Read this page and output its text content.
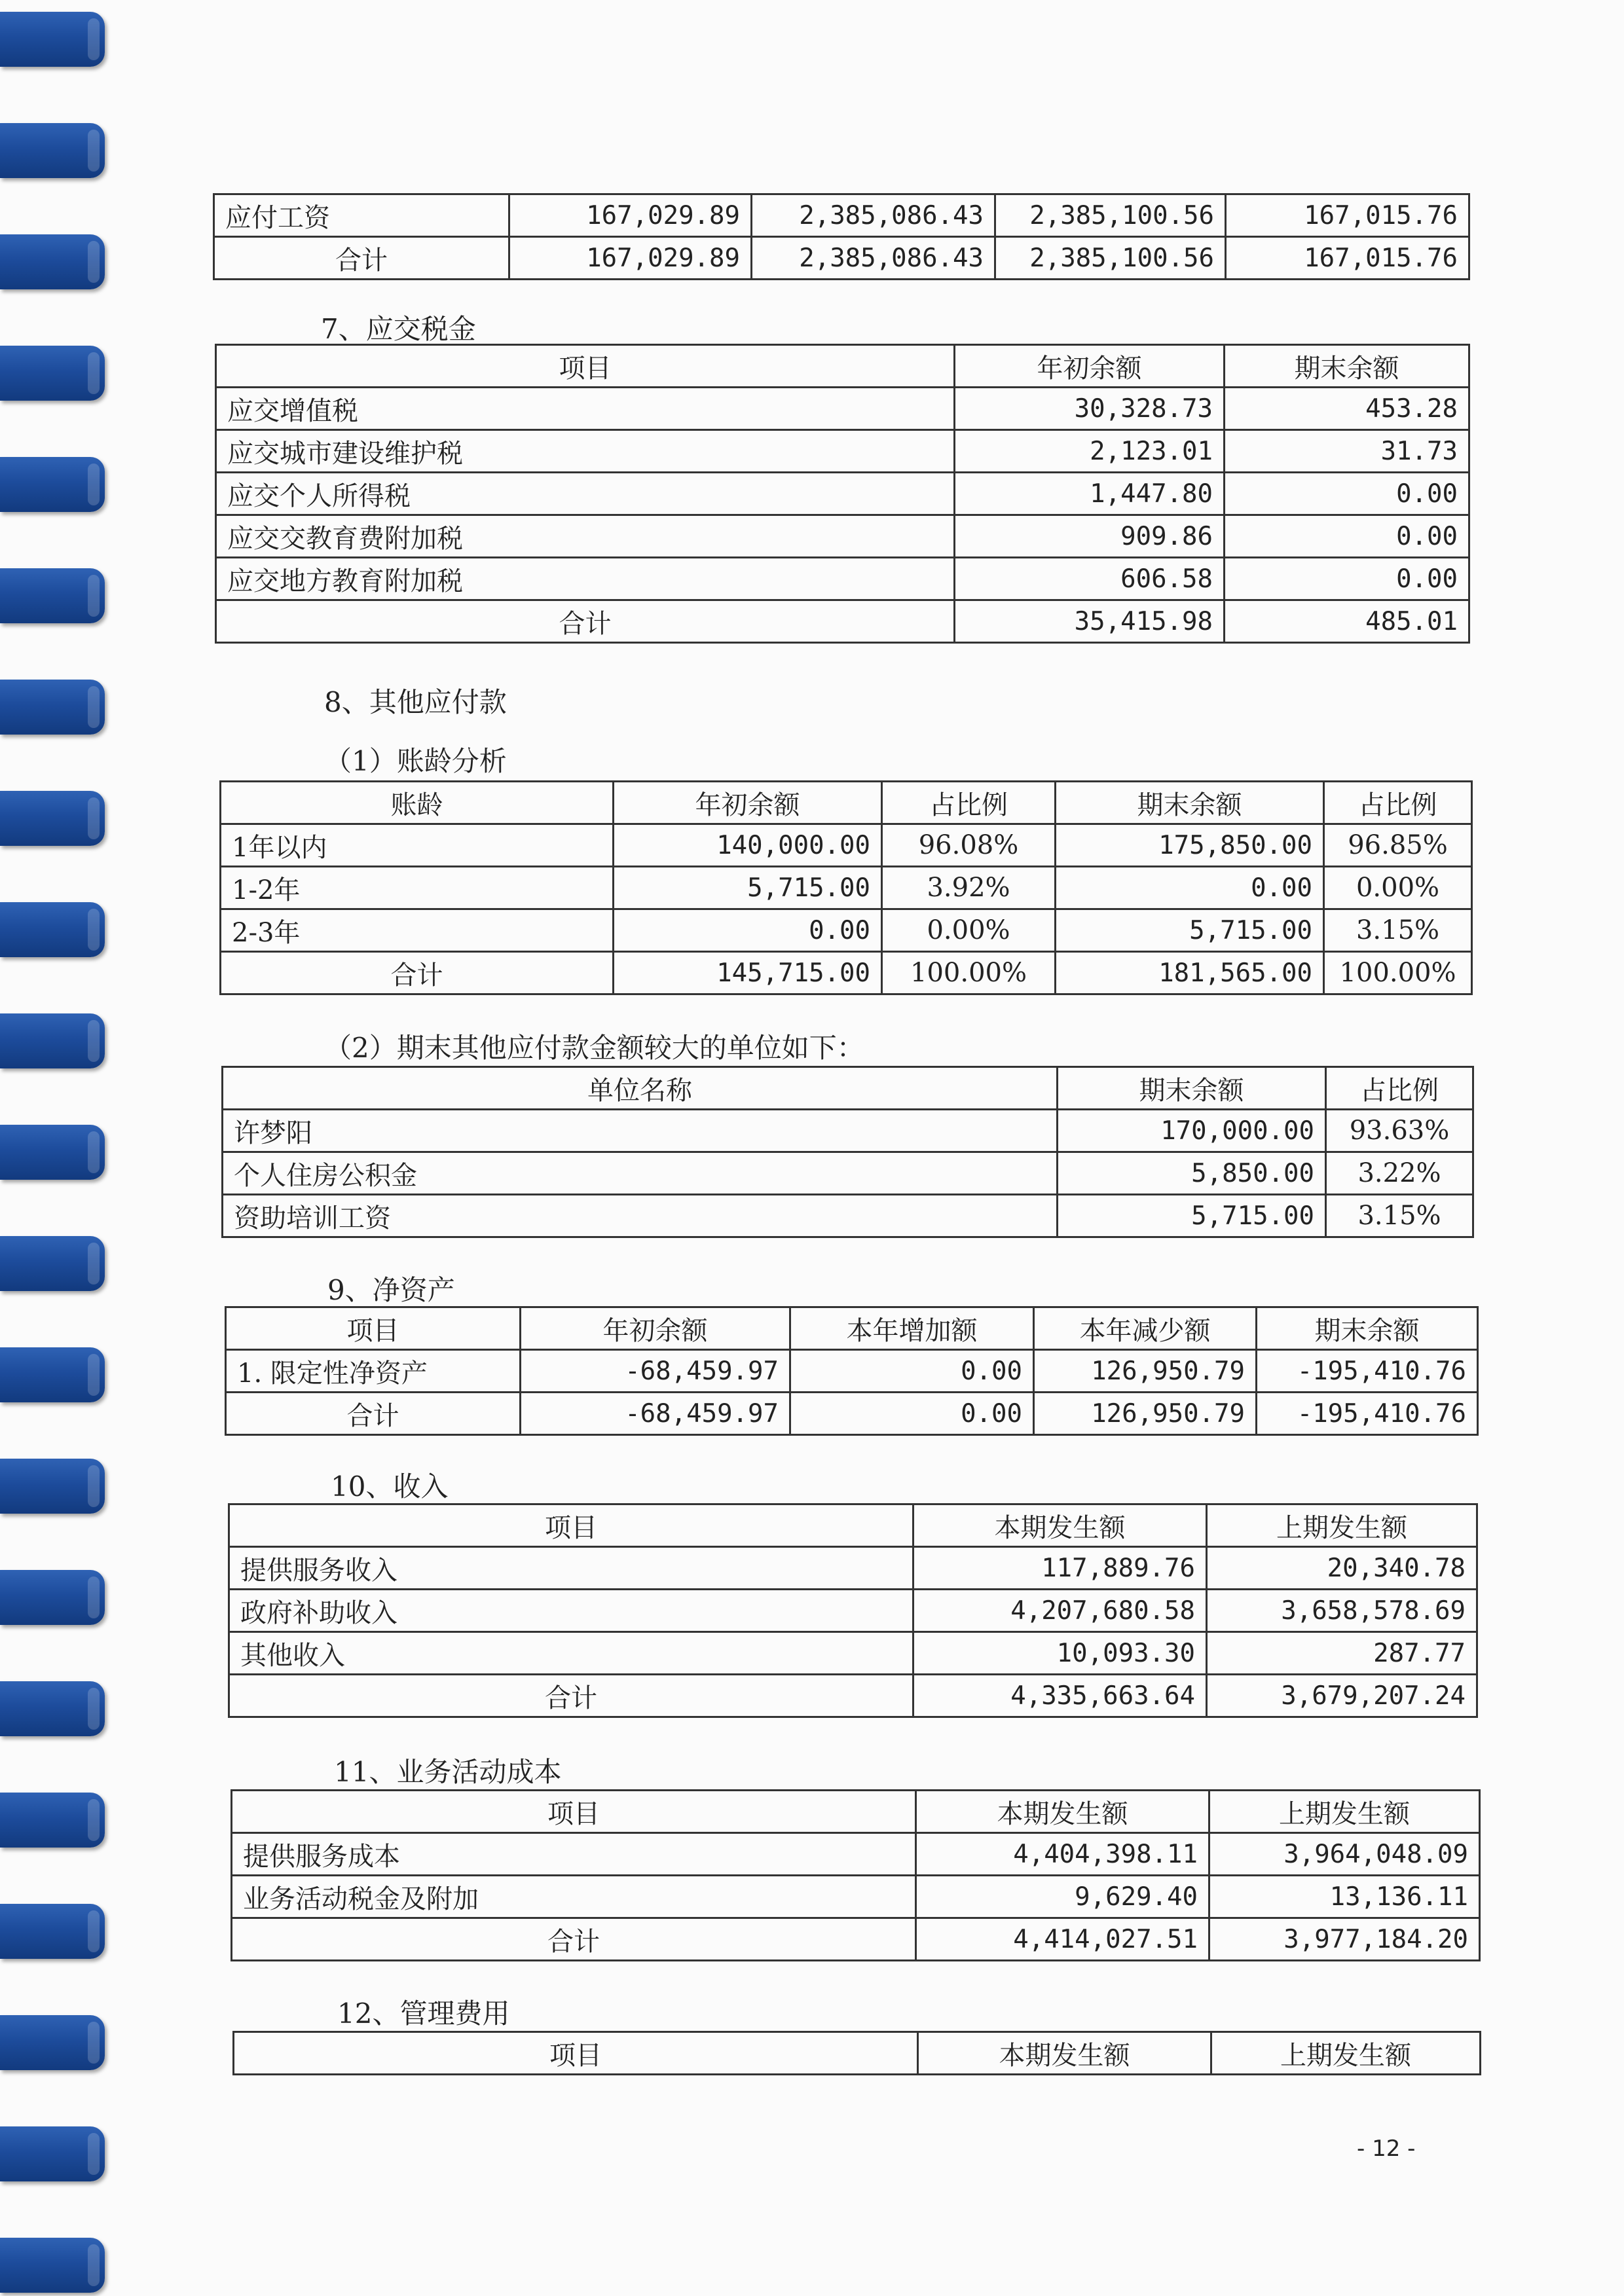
应付工资	167,029.89	2,385,086.43	2,385,100.56	167,015.76
合计	167,029.89	2,385,086.43	2,385,100.56	167,015.76
7、应交税金
项目	年初余额	期末余额
应交增值税	30,328.73	453.28
应交城市建设维护税	2,123.01	31.73
应交个人所得税	1,447.80	0.00
应交交教育费附加税	909.86	0.00
应交地方教育附加税	606.58	0.00
合计	35,415.98	485.01
8、其他应付款
（1）账龄分析
账龄	年初余额	占比例	期末余额	占比例
1年以内	140,000.00	96.08%	175,850.00	96.85%
1-2年	5,715.00	3.92%	0.00	0.00%
2-3年	0.00	0.00%	5,715.00	3.15%
合计	145,715.00	100.00%	181,565.00	100.00%
（2）期末其他应付款金额较大的单位如下：
单位名称	期末余额	占比例
许梦阳	170,000.00	93.63%
个人住房公积金	5,850.00	3.22%
资助培训工资	5,715.00	3.15%
9、净资产
项目	年初余额	本年增加额	本年减少额	期末余额
1. 限定性净资产	-68,459.97	0.00	126,950.79	-195,410.76
合计	-68,459.97	0.00	126,950.79	-195,410.76
10、收入
项目	本期发生额	上期发生额
提供服务收入	117,889.76	20,340.78
政府补助收入	4,207,680.58	3,658,578.69
其他收入	10,093.30	287.77
合计	4,335,663.64	3,679,207.24
11、业务活动成本
项目	本期发生额	上期发生额
提供服务成本	4,404,398.11	3,964,048.09
业务活动税金及附加	9,629.40	13,136.11
合计	4,414,027.51	3,977,184.20
12、管理费用
项目	本期发生额	上期发生额
- 12 -
